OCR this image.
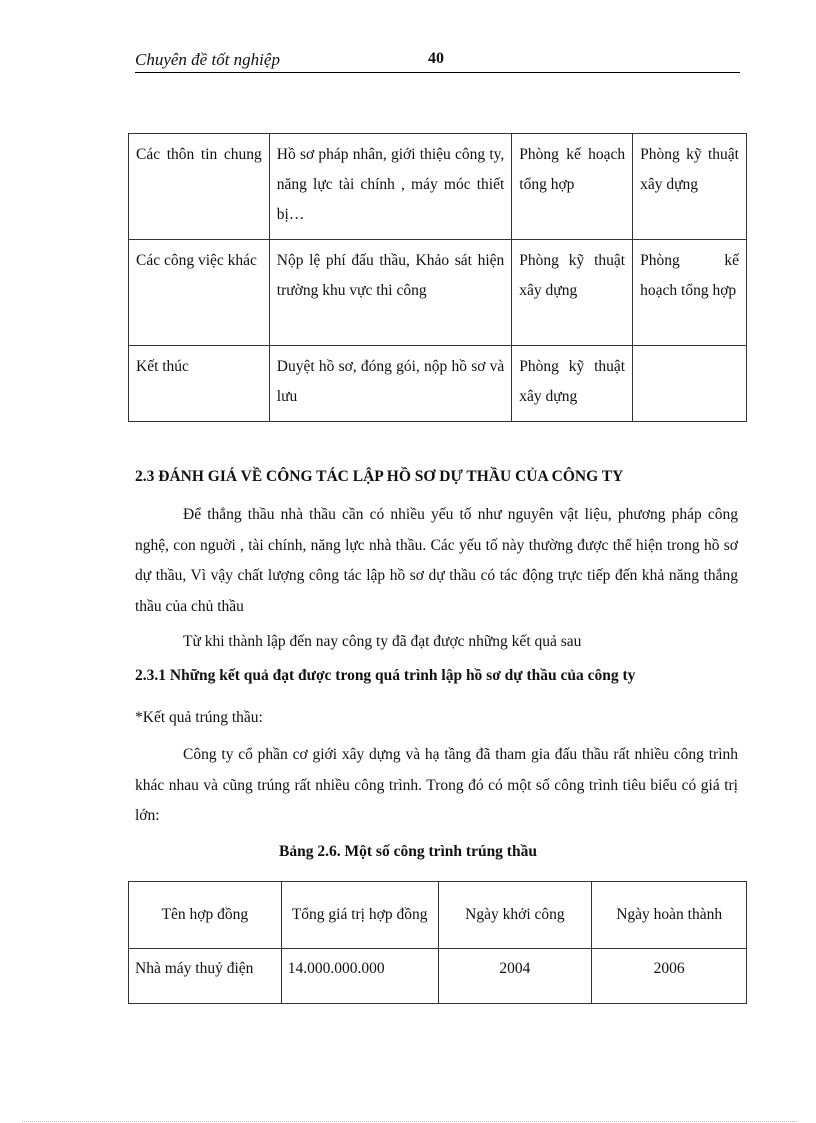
Chuyên đề tốt nghiệp	40
Các thôn tin chung	Hồ sơ pháp nhân, giới thiệu công ty, năng lực tài chính , máy móc thiết bị…	Phòng kế hoạch tổng hợp	Phòng kỹ thuật xây dựng
Các công việc khác	Nộp lệ phí đấu thầu, Khảo sát hiện trường khu vực thi công	Phòng kỹ thuật xây dựng	Phòng kế hoạch tổng hợp
Kết thúc	Duyệt hồ sơ, đóng gói, nộp hồ sơ và lưu	Phòng kỹ thuật xây dựng	
2.3 ĐÁNH GIÁ VỀ CÔNG TÁC LẬP HỒ SƠ DỰ THẦU CỦA CÔNG TY
Để thắng thầu nhà thầu cần có nhiều yếu tố như nguyên vật liệu, phương pháp công nghệ, con nguời , tài chính, năng lực nhà thầu. Các yếu tố này thường được thể hiện trong hồ sơ dự thầu, Vì vậy chất lượng công tác lập hồ sơ dự thầu có tác động trực tiếp đến khả năng thắng thầu của chủ thầu
Từ khi thành lập đến nay công ty đã đạt được những kết quả sau
2.3.1 Những kết quả đạt được trong quá trình lập hồ sơ dự thầu của công ty
*Kết quả trúng thầu:
Công ty cổ phần cơ giới xây dựng và hạ tầng đã tham gia đấu thầu rất nhiều công trình khác nhau và cũng trúng rất nhiều công trình. Trong đó có một số công trình tiêu biểu có giá trị lớn:
Bảng 2.6. Một số công trình trúng thầu
Tên hợp đồng	Tổng giá trị hợp đồng	Ngày khởi công	Ngày hoàn thành
Nhà máy thuỷ điện	14.000.000.000	2004	2006
